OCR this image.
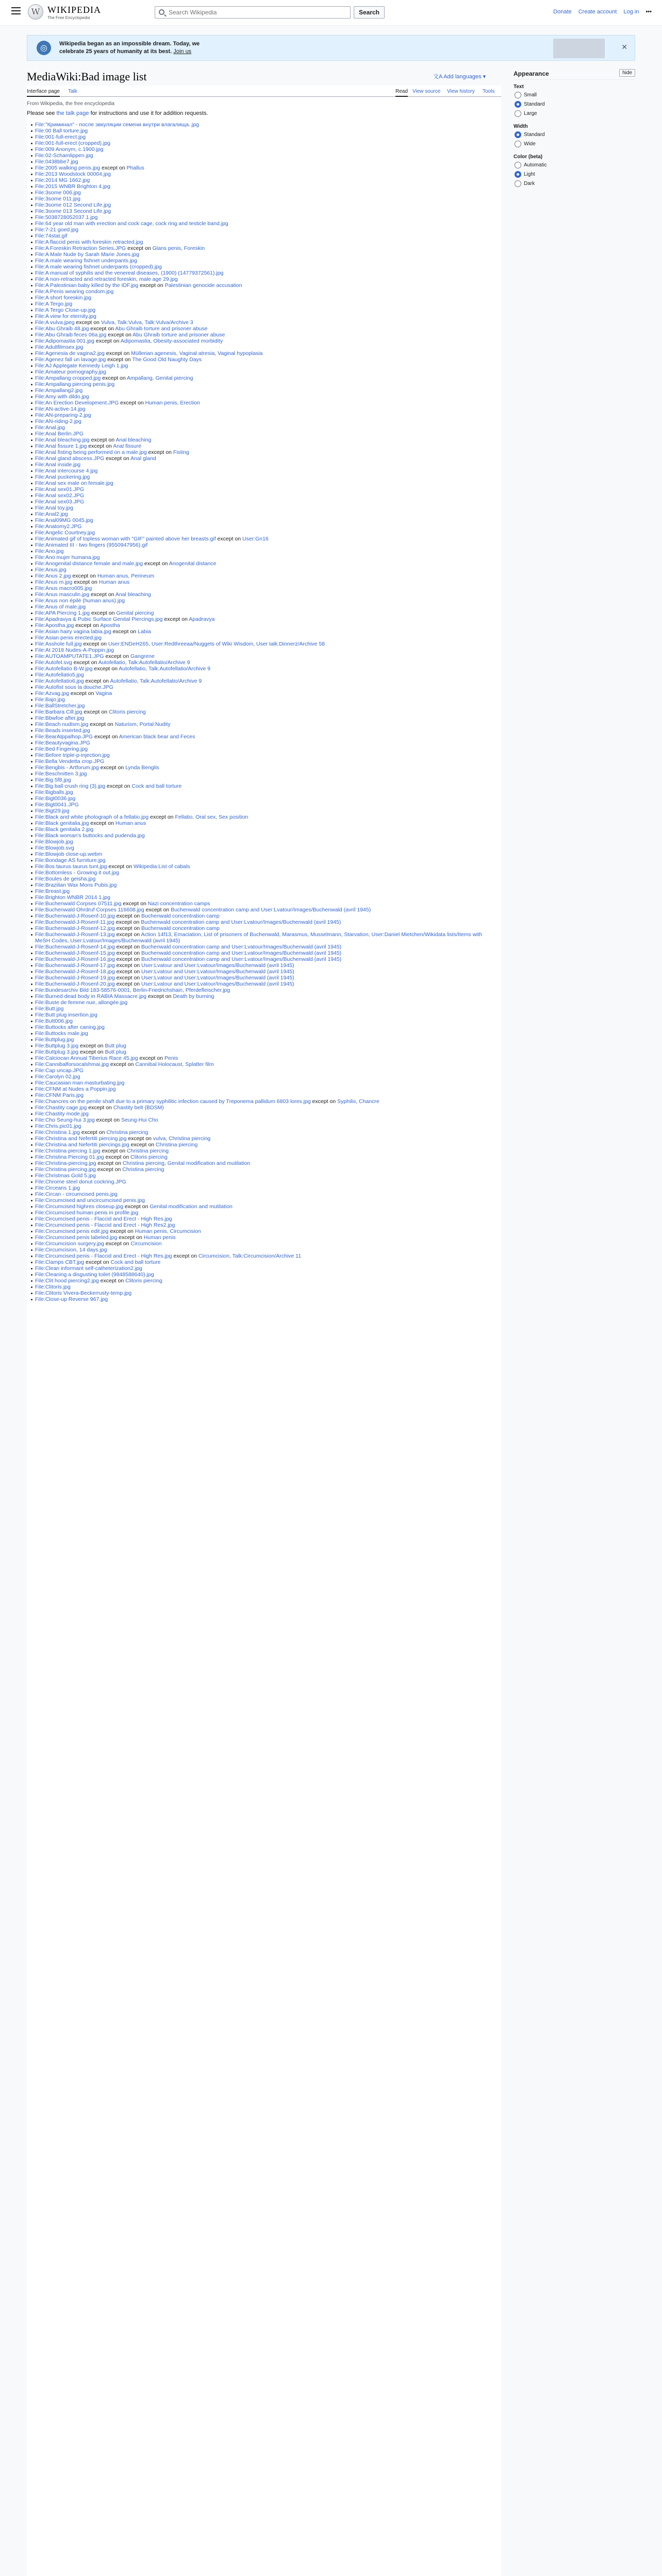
W WIKIPEDIA
The Free Encyclopedia
Search Wikipedia
Search	Donate Create account Log in •••
◎	Wikipedia began as an impossible dream. Today, we
celebrate 25 years of humanity at its best. Join us
✕
MediaWiki:Bad image list	文A Add languages ▾
Interface page Talk	Read View source View history Tools
From Wikipedia, the free encyclopedia
Please see the talk page for instructions and use it for addition requests.
File:"Криминал" - после эвкуляции семени внутри влагалища..jpg
File:00 Ball torture.jpg
File:001-full-erect.jpg
File:001-full-erect (cropped).jpg
File:009 Anonym, c.1900.jpg
File:02-Schamlippen.jpg
File:0438bbe7.jpg
File:2005 walking penis.jpg except on Phallus
File:2013 Woodstock 00004.jpg
File:2014 MG 1662.jpg
File:2015 WNBR Brighton 4.jpg
File:3some 006.jpg
File:3some 011.jpg
File:3some 012 Second Life.jpg
File:3some 013 Second Life.jpg
File:5038728052037.1.jpg
File:64 year old man with erection and cock cage, cock ring and testicle band.jpg
File:7-21 goed.jpg
File:74stat.gif
File:A flaccid penis with foreskin retracted.jpg
File:A Foreskin Retraction Series.JPG except on Glans penis, Foreskin
File:A Male Nude by Sarah Marie Jones.jpg
File:A male wearing fishnet underpants.jpg
File:A male wearing fishnet underpants (cropped).jpg
File:A manual of syphilis and the venereal diseases, (1900) (14779372561).jpg
File:A non-retracted and retracted foreskin, male age 29.jpg
File:A Palestinian baby killed by the IDF.jpg except on Palestinian genocide accusation
File:A Penis wearing condom.jpg
File:A short foreskin.jpg
File:A Tergo.jpg
File:A Tergo Close-up.jpg
File:A view for eternity.jpg
File:A vulva.jpeg except on Vulva, Talk:Vulva, Talk:Vulva/Archive 3
File:Abu Ghraib 48.jpg except on Abu Ghraib torture and prisoner abuse
File:Abu Ghraib feces 06a.jpg except on Abu Ghraib torture and prisoner abuse
File:Adipomastia 001.jpg except on Adipomastia, Obesity-associated morbidity
File:Adultfilmsex.jpg
File:Agenesia de vagina2.jpg except on Müllerian agenesis, Vaginal atresia, Vaginal hypoplasia
File:Agenez fall un lavage.jpg except on The Good Old Naughty Days
File:AJ Applegate Kennedy Leigh 1.jpg
File:Amateur pornography.jpg
File:Ampallang cropped.jpg except on Ampallang, Genital piercing
File:Ampallang piercing penis.jpg
File:Ampallang2.jpg
File:Amy with dildo.jpg
File:An Erection Development.JPG except on Human penis, Erection
File:AN-active-14.jpg
File:AN-preparing-2.jpg
File:AN-riding-2.jpg
File:Anal.jpg
File:Anal Berlin.JPG
File:Anal bleaching.jpg except on Anal bleaching
File:Anal fissure 1.jpg except on Anal fissure
File:Anal fisting being performed on a male.jpg except on Fisting
File:Anal gland abscess.JPG except on Anal gland
File:Anal inside.jpg
File:Anal intercourse 4.jpg
File:Anal puckering.jpg
File:Anal sex male on female.jpg
File:Anal sex01.JPG
File:Anal sex02.JPG
File:Anal sex03.JPG
File:Anal toy.jpg
File:Anal2.jpg
File:Anal09MG 0045.jpg
File:Anatomy2.JPG
File:Angelic Courtney.jpg
File:Animated gif of topless woman with "GIF" painted above her breasts.gif except on User:Gn16
File:Animated III - two fingers (9550947956).gif
File:Ano.jpg
File:Ano mujer humana.jpg
File:Anogenital distance female and male.jpg except on Anogenital distance
File:Anus.jpg
File:Anus 2.jpg except on Human anus, Perineum
File:Anus m.jpg except on Human anus
File:Anus macro005.jpg
File:Anus masculin.jpg except on Anal bleaching
File:Anus non épilé (human anus).jpg
File:Anus of male.jpg
File:APA Piercing 1.jpg except on Genital piercing
File:Apadravya & Pubic Surface Genital Piercings.jpg except on Apadravya
File:Apostha.jpg except on Apostha
File:Asian hairy vagina labia.jpg except on Labia
File:Asian penis erected.jpg
File:Asshole full.jpg except on User:ENDeH265, User:Redthreeaa/Nuggets of Wiki Wisdom, User talk:Dinnerz/Archive 58
File:At 2018 Nudes-A-Poppin.jpg
File:AUTOAMPUTATE1.JPG except on Gangrene
File:Autofel.svg except on Autofellatio, Talk:Autofellatio/Archive 9
File:Autofellatio B-W.jpg except on Autofellatio, Talk:Autofellatio/Archive 9
File:Autofellatio5.jpg
File:Autofellatio6.jpg except on Autofellatio, Talk:Autofellatio/Archive 9
File:Autofist sous la douche.JPG
File:Azvag.jpg except on Vagina
File:Bajo.jpg
File:BallStretcher.jpg
File:Barbara Cill.jpg except on Clitoris piercing
File:Bbwfoe after.jpg
File:Beach nudism.jpg except on Naturism, Portal:Nudity
File:Beads inserted.jpg
File:BearAlppalhop.JPG except on American black bear and Feces
File:Beautyvagina.JPG
File:Bed Fingering.jpg
File:Before triple-p-injection.jpg
File:Bella Vendetta crop.JPG
File:Bengbis - Artforum.jpg except on Lynda Benglis
File:Beschnitten 3.jpg
File:Big 5f8.jpg
File:Big ball crush ring (3).jpg except on Cock and ball torture
File:Bigballs.jpg
File:Bigt0036.jpg
File:Bigt0041.JPG
File:Bigt29.jpg
File:Black and white photograph of a fellatio.jpg except on Fellatio, Oral sex, Sex position
File:Black genitalia.jpg except on Human anus
File:Black genitalia 2.jpg
File:Black woman's buttocks and pudenda.jpg
File:Blowjob.jpg
File:Blowjob.svg
File:Blowjob close-up.webm
File:Bondage AS furniture.jpg
File:Bos taurus taurus tunt.jpg except on Wikipedia:List of cabals
File:Bottomless - Growing it out.jpg
File:Boules de geisha.jpg
File:Brazilian Wax Mons Pubis.jpg
File:Breast.jpg
File:Brighton WNBR 2014 1.jpg
File:Buchenwald Corpses 07511.jpg except on Nazi concentration camps
File:Buchenwald Ohrdruf Corpses 116608.jpg except on Buchenwald concentration camp and User:Lvatour/Images/Buchenwald (avril 1945)
File:Buchenwald-J-Rosenf-10.jpg except on Buchenwald concentration camp
File:Buchenwald-J-Rosenf-11.jpg except on Buchenwald concentration camp and User:Lvatour/Images/Buchenwald (avril 1945)
File:Buchenwald-J-Rosenf-12.jpg except on Buchenwald concentration camp
File:Buchenwald-J-Rosenf-13.jpg except on Action 14f13, Emaciation, List of prisoners of Buchenwald, Marasmus, Musselmann, Starvation, User:Daniel Mietchen/Wikidata lists/Items with MeSH Codes, User:Lvatour/Images/Buchenwald (avril 1945)
File:Buchenwald-J-Rosenf-14.jpg except on Buchenwald concentration camp and User:Lvatour/Images/Buchenwald (avril 1945)
File:Buchenwald-J-Rosenf-15.jpg except on Buchenwald concentration camp and User:Lvatour/Images/Buchenwald (avril 1945)
File:Buchenwald-J-Rosenf-16.jpg except on Buchenwald concentration camp and User:Lvatour/Images/Buchenwald (avril 1945)
File:Buchenwald-J-Rosenf-17.jpg except on User:Lvatour and User:Lvatour/Images/Buchenwald (avril 1945)
File:Buchenwald-J-Rosenf-18.jpg except on User:Lvatour and User:Lvatour/Images/Buchenwald (avril 1945)
File:Buchenwald-J-Rosenf-19.jpg except on User:Lvatour and User:Lvatour/Images/Buchenwald (avril 1945)
File:Buchenwald-J-Rosenf-20.jpg except on User:Lvatour and User:Lvatour/Images/Buchenwald (avril 1945)
File:Bundesarchiv Bild 183-58576-0001, Berlin-Friedrichshain, Pferdefleischer.jpg
File:Burned dead body in RABIA Massacre.jpg except on Death by burning
File:Buste de femme nue, allongée.jpg
File:Butt.jpg
File:Butt plug insertion.jpg
File:Butt006.jpg
File:Buttocks after caning.jpg
File:Buttocks male.jpg
File:Buttplug.jpg
File:Buttplug 3.jpg except on Butt plug
File:Buttplug 3.jpg except on Butt plug
File:Calciocan Annual Tiberius Race 45.jpg except on Penis
File:Cannibalforsocalshmai.jpg except on Cannibal Holocaust, Splatter film
File:Cap uncap.JPG
File:Carolyn 02.jpg
File:Caucasian man masturbating.jpg
File:CFNM at Nudes a Poppin.jpg
File:CFNM Paris.jpg
File:Chancres on the penile shaft due to a primary syphilitic infection caused by Treponema pallidum 6803 lores.jpg except on Syphilis, Chancre
File:Chastity cage.jpg except on Chastity belt (BDSM)
File:Chastity mode.jpg
File:Cho Seung-hui 3.jpg except on Seung-Hui Cho
File:Chris.pic01.jpg
File:Christina 1.jpg except on Christina piercing
File:Christina and Nefertiti piercing.jpg except on vulva, Christina piercing
File:Christina and Nefertiti piercings.jpg except on Christina piercing
File:Christina piercing 1.jpg except on Christina piercing
File:Christina Piercing 01.jpg except on Clitoris piercing
File:Christina-piercing.jpg except on Christina piercing, Genital modification and mutilation
File:Christina piercing.jpg except on Christina piercing
File:Christmas Gold 5.jpg
File:Chrome steel donut cockring.JPG
File:Circeans 1.jpg
File:Circan - circumcised penis.jpg
File:Circumcised and uncircumcised penis.jpg
File:Circumcised highres closeup.jpg except on Genital modification and mutilation
File:Circumcised human penis in profile.jpg
File:Circumcised penis - Flaccid and Erect - High Res.jpg
File:Circumcised penis - Flaccid and Erect - High Res2.jpg
File:Circumcised penis edit.jpg except on Human penis, Circumcision
File:Circumcised penis labeled.jpg except on Human penis
File:Circumcision surgery.jpg except on Circumcision
File:Circumcision, 14 days.jpg
File:Circumcised penis - Flaccid and Erect - High Res.jpg except on Circumcision, Talk:Circumcision/Archive 11
File:Clamps CBT.jpg except on Cock and ball torture
File:Clean informant self-catheterization2.jpg
File:Cleaning a disgusting toilet (9848588640).jpg
File:Clit hood piercing2.jpg except on Clitoris piercing
File:Clitoris.jpg
File:Clitoris Vivera-Beckerrusty-temp.jpg
File:Close-up Reverse 967.jpg
Appearance	hide
Text
Small
Standard
Large
Width
Standard
Wide
Color (beta)
Automatic
Light
Dark
